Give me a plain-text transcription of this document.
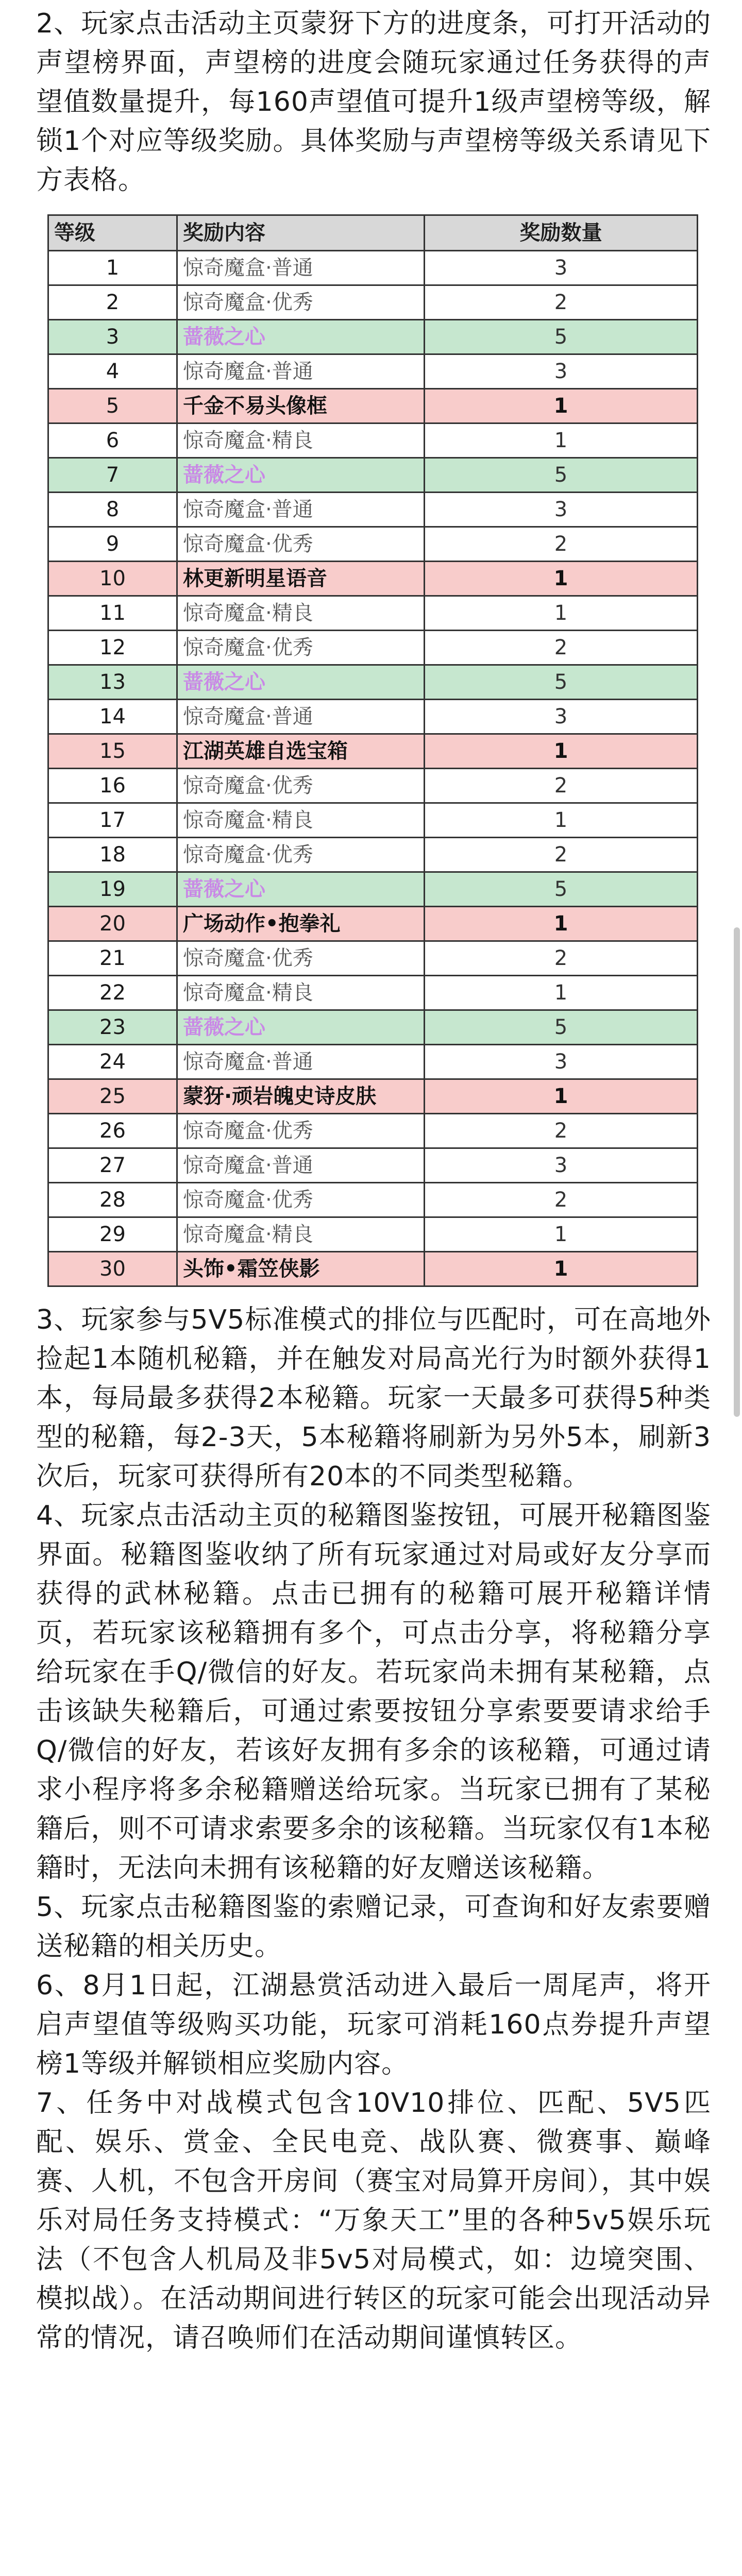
2、玩家点击活动主页蒙犽下方的进度条，可打开活动的声望榜界面，声望榜的进度会随玩家通过任务获得的声望值数量提升，每160声望值可提升1级声望榜等级，解锁1个对应等级奖励。具体奖励与声望榜等级关系请见下方表格。

等级	奖励内容	奖励数量
1	惊奇魔盒·普通	3
2	惊奇魔盒·优秀	2
3	蔷薇之心	5
4	惊奇魔盒·普通	3
5	千金不易头像框	1
6	惊奇魔盒·精良	1
7	蔷薇之心	5
8	惊奇魔盒·普通	3
9	惊奇魔盒·优秀	2
10	林更新明星语音	1
11	惊奇魔盒·精良	1
12	惊奇魔盒·优秀	2
13	蔷薇之心	5
14	惊奇魔盒·普通	3
15	江湖英雄自选宝箱	1
16	惊奇魔盒·优秀	2
17	惊奇魔盒·精良	1
18	惊奇魔盒·优秀	2
19	蔷薇之心	5
20	广场动作•抱拳礼	1
21	惊奇魔盒·优秀	2
22	惊奇魔盒·精良	1
23	蔷薇之心	5
24	惊奇魔盒·普通	3
25	蒙犽·顽岩魄史诗皮肤	1
26	惊奇魔盒·优秀	2
27	惊奇魔盒·普通	3
28	惊奇魔盒·优秀	2
29	惊奇魔盒·精良	1
30	头饰•霜笠侠影	1

3、玩家参与5V5标准模式的排位与匹配时，可在高地外捡起1本随机秘籍，并在触发对局高光行为时额外获得1本，每局最多获得2本秘籍。玩家一天最多可获得5种类型的秘籍，每2-3天，5本秘籍将刷新为另外5本，刷新3次后，玩家可获得所有20本的不同类型秘籍。

4、玩家点击活动主页的秘籍图鉴按钮，可展开秘籍图鉴界面。秘籍图鉴收纳了所有玩家通过对局或好友分享而获得的武林秘籍。点击已拥有的秘籍可展开秘籍详情页，若玩家该秘籍拥有多个，可点击分享，将秘籍分享给玩家在手Q/微信的好友。若玩家尚未拥有某秘籍，点击该缺失秘籍后，可通过索要按钮分享索要要请求给手Q/微信的好友，若该好友拥有多余的该秘籍，可通过请求小程序将多余秘籍赠送给玩家。当玩家已拥有了某秘籍后，则不可请求索要多余的该秘籍。当玩家仅有1本秘籍时，无法向未拥有该秘籍的好友赠送该秘籍。

5、玩家点击秘籍图鉴的索赠记录，可查询和好友索要赠送秘籍的相关历史。

6、8月1日起，江湖悬赏活动进入最后一周尾声，将开启声望值等级购买功能，玩家可消耗160点券提升声望榜1等级并解锁相应奖励内容。

7、任务中对战模式包含10V10排位、匹配、5V5匹配、娱乐、赏金、全民电竞、战队赛、微赛事、巅峰赛、人机，不包含开房间（赛宝对局算开房间），其中娱乐对局任务支持模式：“万象天工”里的各种5v5娱乐玩法（不包含人机局及非5v5对局模式，如：边境突围、模拟战）。在活动期间进行转区的玩家可能会出现活动异常的情况，请召唤师们在活动期间谨慎转区。
